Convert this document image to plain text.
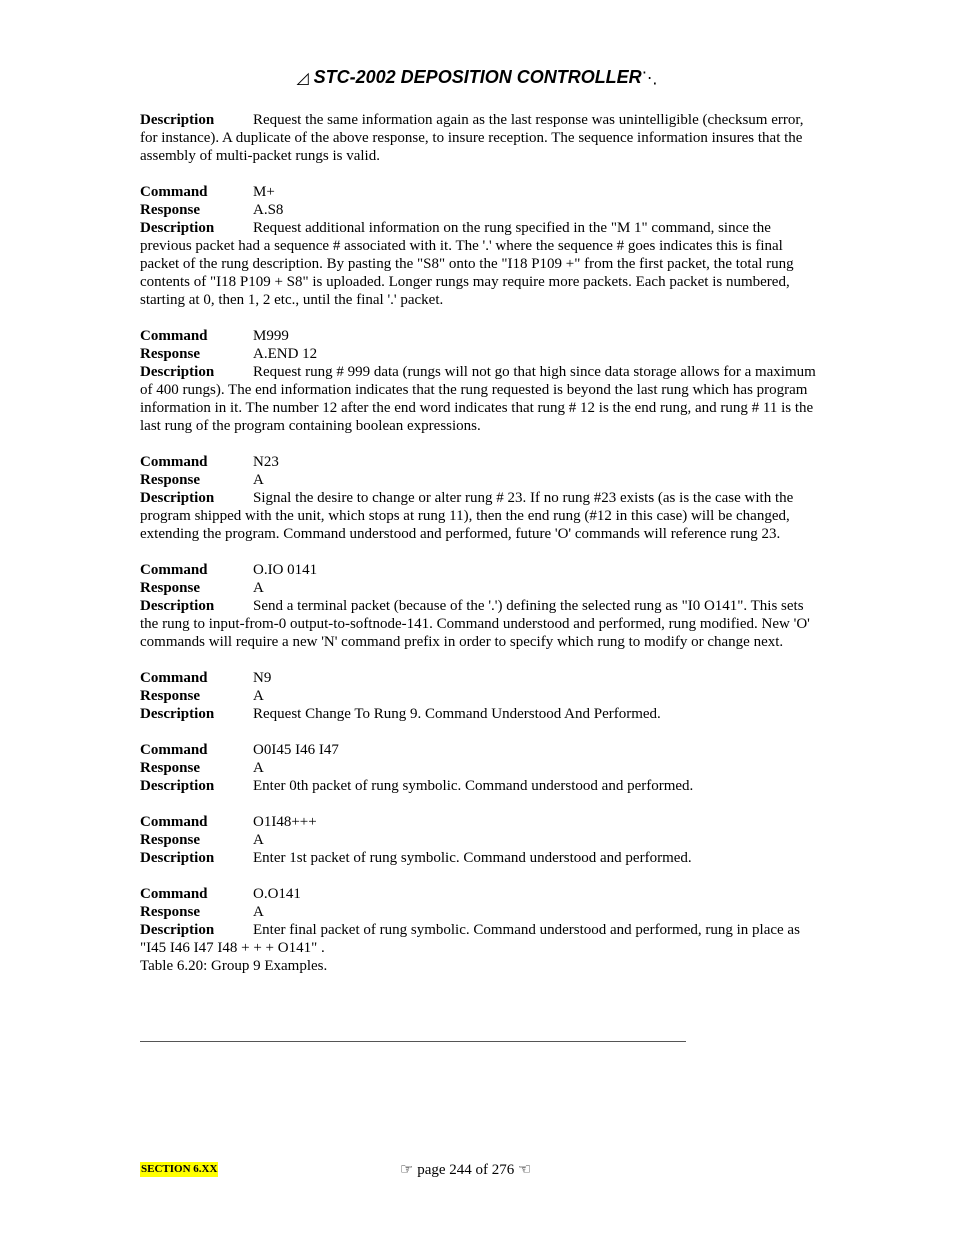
◿ STC-2002 DEPOSITION CONTROLLER⋱

Description	Request the same information again as the last response was unintelligible (checksum error, for instance). A duplicate of the above response, to insure reception. The sequence information insures that the assembly of multi-packet rungs is valid.

Command	M+

Response	A.S8

Description	Request additional information on the rung specified in the "M 1" command, since the previous packet had a sequence # associated with it. The '.' where the sequence # goes indicates this is final packet of the rung description. By pasting the "S8" onto the "I18 P109 +" from the first packet, the total rung contents of "I18 P109 + S8" is uploaded. Longer rungs may require more packets. Each packet is numbered, starting at 0, then 1, 2 etc., until the final '.' packet.

Command	M999

Response	A.END 12

Description	Request rung # 999 data (rungs will not go that high since data storage allows for a maximum of 400 rungs). The end information indicates that the rung requested is beyond the last rung which has program information in it. The number 12 after the end word indicates that rung # 12 is the end rung, and rung # 11 is the last rung of the program containing boolean expressions.

Command	N23

Response	A

Description	Signal the desire to change or alter rung # 23. If no rung #23 exists (as is the case with the program shipped with the unit, which stops at rung 11), then the end rung (#12 in this case) will be changed, extending the program. Command understood and performed, future 'O' commands will reference rung 23.

Command	O.IO 0141

Response	A

Description	Send a terminal packet (because of the '.') defining the selected rung as "I0 O141". This sets the rung to input-from-0 output-to-softnode-141. Command understood and performed, rung modified. New 'O' commands will require a new 'N' command prefix in order to specify which rung to modify or change next.

Command	N9

Response	A

Description	Request Change To Rung 9. Command Understood And Performed.

Command	O0I45 I46 I47

Response	A

Description	Enter 0th packet of rung symbolic. Command understood and performed.

Command	O1I48+++

Response	A

Description	Enter 1st packet of rung symbolic. Command understood and performed.

Command	O.O141

Response	A

Description	Enter final packet of rung symbolic. Command understood and performed, rung in place as "I45 I46 I47 I48 + + + O141" .

Table 6.20: Group 9 Examples.

SECTION 6.XX	☞ page 244 of 276 ☜
